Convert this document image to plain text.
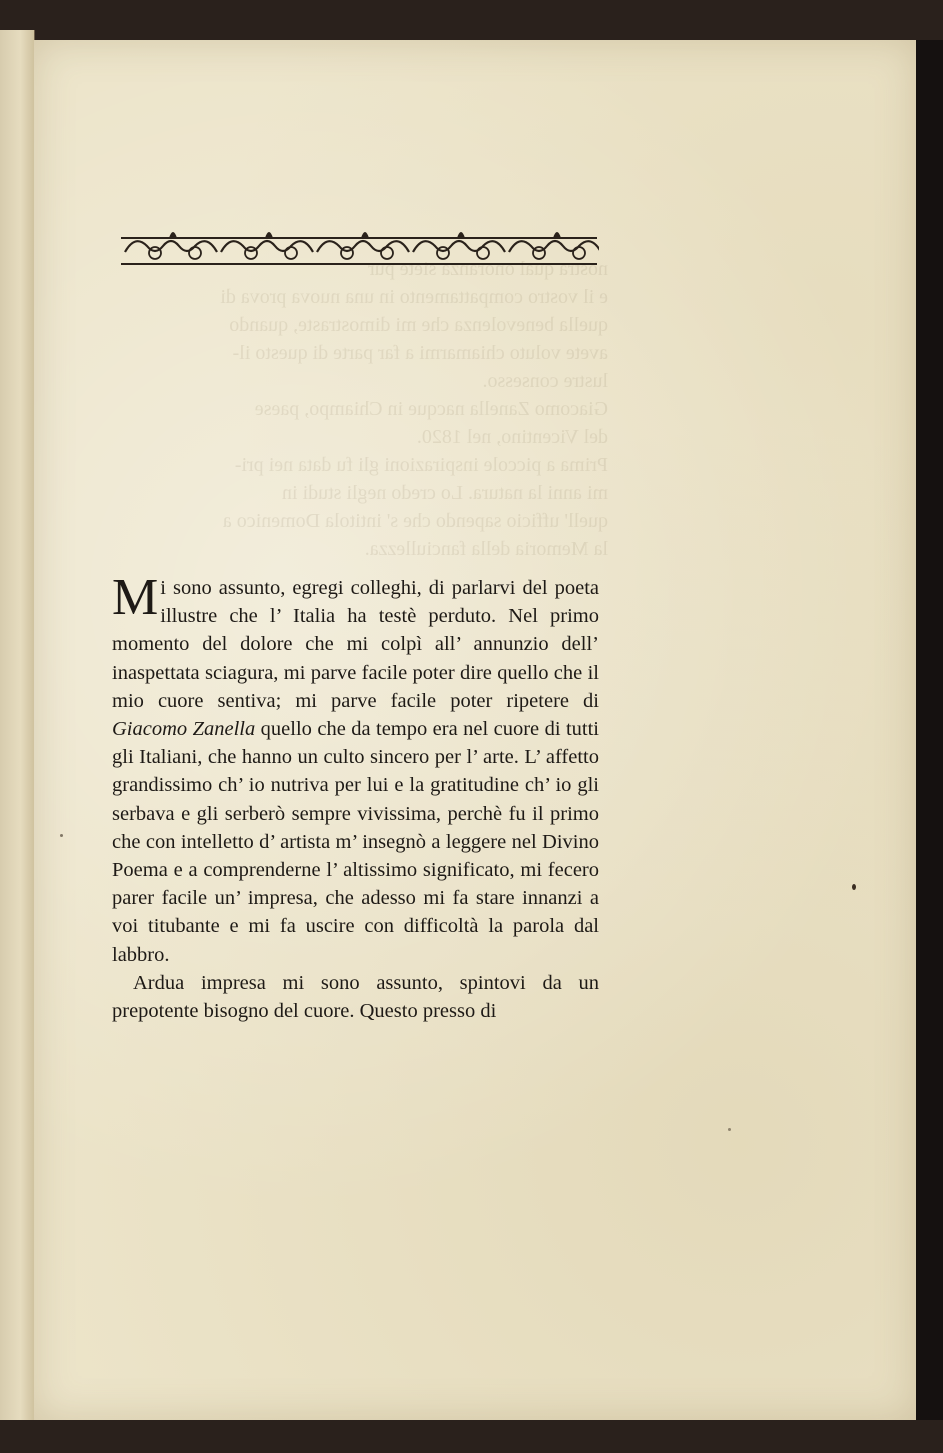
nostra qual onoranza siete pur
e il vostro compattamento in una nuova prova di
quella benevolenza che mi dimostraste, quando
avete voluto chiamarmi a far parte di questo il-
lustre consesso.
Giacomo Zanella nacque in Chiampo, paese
del Vicentino, nel 1820.
Prima a piccole inspirazioni gli fu data nei pri-
mi anni la natura. Lo credo negli studi in
quell' ufficio sapendo che s' intitola Domenico a
la Memoria della fanciullezza.

Mi sono assunto, egregi colleghi, di parlarvi del poeta illustre che l’ Italia ha testè perduto. Nel primo momento del dolore che mi colpì all’ annunzio dell’ inaspettata sciagura, mi parve facile poter dire quello che il mio cuore sentiva; mi parve facile poter ripetere di Giacomo Zanella quello che da tempo era nel cuore di tutti gli Italiani, che hanno un culto sincero per l’ arte. L’ affetto grandissimo ch’ io nutriva per lui e la gratitudine ch’ io gli serbava e gli serberò sempre vivissima, perchè fu il primo che con intelletto d’ artista m’ insegnò a leggere nel Divino Poema e a comprenderne l’ altissimo significato, mi fecero parer facile un’ impresa, che adesso mi fa stare innanzi a voi titubante e mi fa uscire con difficoltà la parola dal labbro.

Ardua impresa mi sono assunto, spintovi da un prepotente bisogno del cuore. Questo presso di
